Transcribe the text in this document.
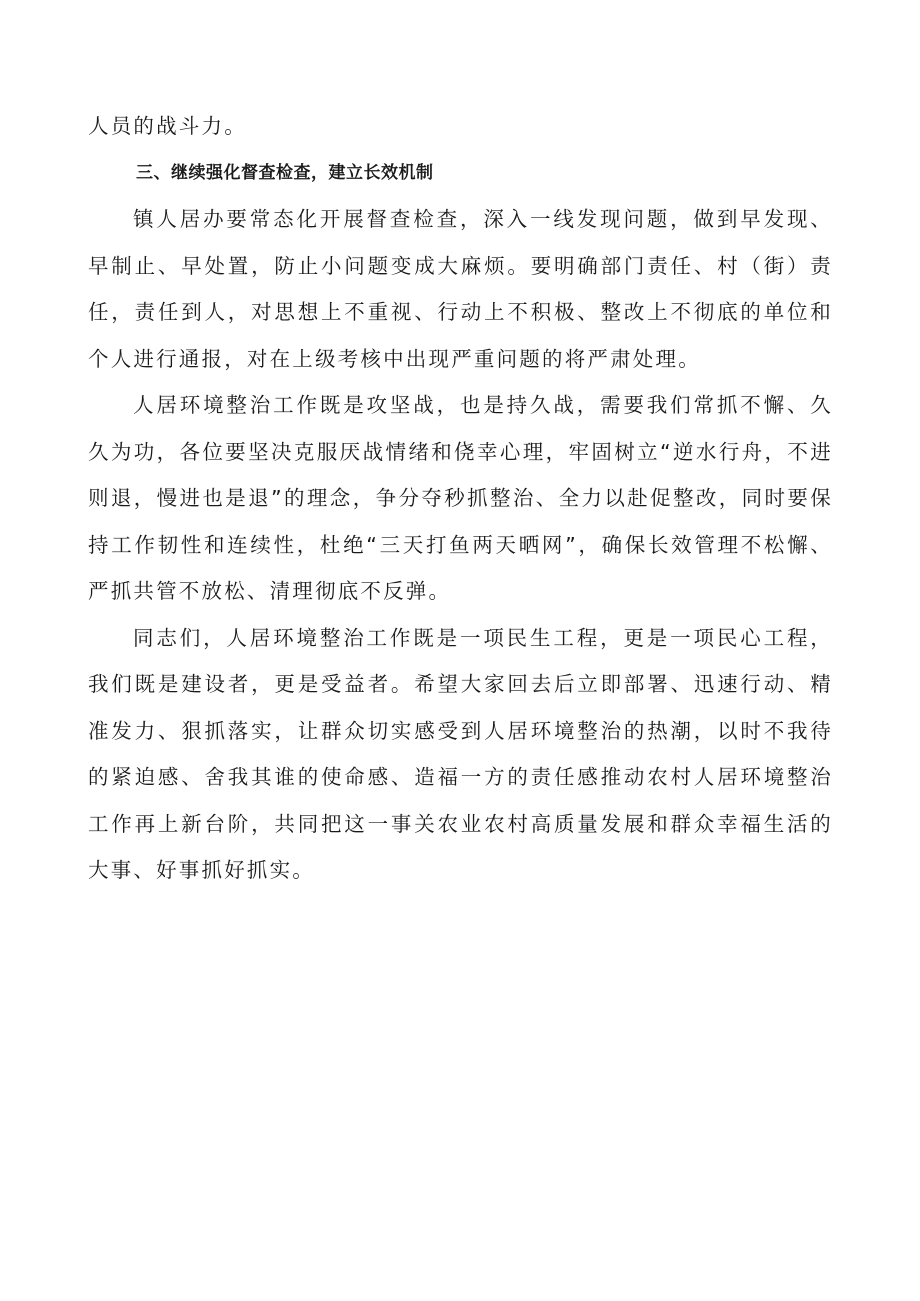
人员的战斗力。

三、继续强化督查检查，建立长效机制

镇人居办要常态化开展督查检查，深入一线发现问题，做到早发现、早制止、早处置，防止小问题变成大麻烦。要明确部门责任、村（街）责任，责任到人，对思想上不重视、行动上不积极、整改上不彻底的单位和个人进行通报，对在上级考核中出现严重问题的将严肃处理。

人居环境整治工作既是攻坚战，也是持久战，需要我们常抓不懈、久久为功，各位要坚决克服厌战情绪和侥幸心理，牢固树立“逆水行舟，不进则退，慢进也是退”的理念，争分夺秒抓整治、全力以赴促整改，同时要保持工作韧性和连续性，杜绝“三天打鱼两天晒网”，确保长效管理不松懈、严抓共管不放松、清理彻底不反弹。

同志们，人居环境整治工作既是一项民生工程，更是一项民心工程，我们既是建设者，更是受益者。希望大家回去后立即部署、迅速行动、精准发力、狠抓落实，让群众切实感受到人居环境整治的热潮，以时不我待的紧迫感、舍我其谁的使命感、造福一方的责任感推动农村人居环境整治工作再上新台阶，共同把这一事关农业农村高质量发展和群众幸福生活的大事、好事抓好抓实。
